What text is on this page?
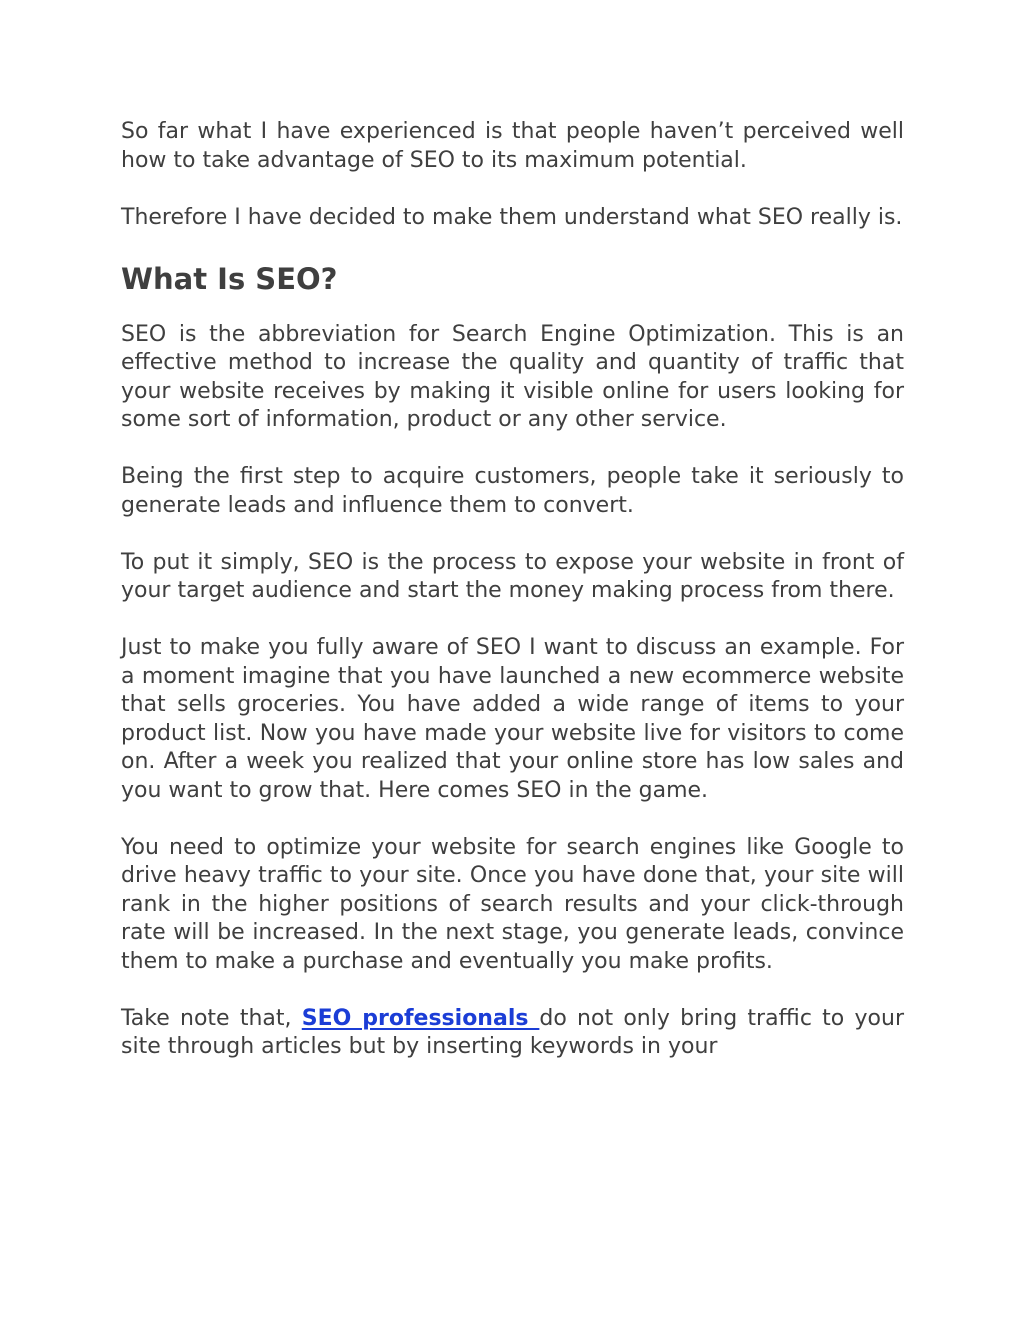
So far what I have experienced is that people haven’t perceived well how to take advantage of SEO to its maximum potential.

Therefore I have decided to make them understand what SEO really is.

What Is SEO?

SEO is the abbreviation for Search Engine Optimization. This is an effective method to increase the quality and quantity of traffic that your website receives by making it visible online for users looking for some sort of information, product or any other service.

Being the first step to acquire customers, people take it seriously to generate leads and influence them to convert.

To put it simply, SEO is the process to expose your website in front of your target audience and start the money making process from there.

Just to make you fully aware of SEO I want to discuss an example. For a moment imagine that you have launched a new ecommerce website that sells groceries. You have added a wide range of items to your product list. Now you have made your website live for visitors to come on. After a week you realized that your online store has low sales and you want to grow that. Here comes SEO in the game.

You need to optimize your website for search engines like Google to drive heavy traffic to your site. Once you have done that, your site will rank in the higher positions of search results and your click-through rate will be increased. In the next stage, you generate leads, convince them to make a purchase and eventually you make profits.

Take note that, SEO professionals do not only bring traffic to your site through articles but by inserting keywords in your
